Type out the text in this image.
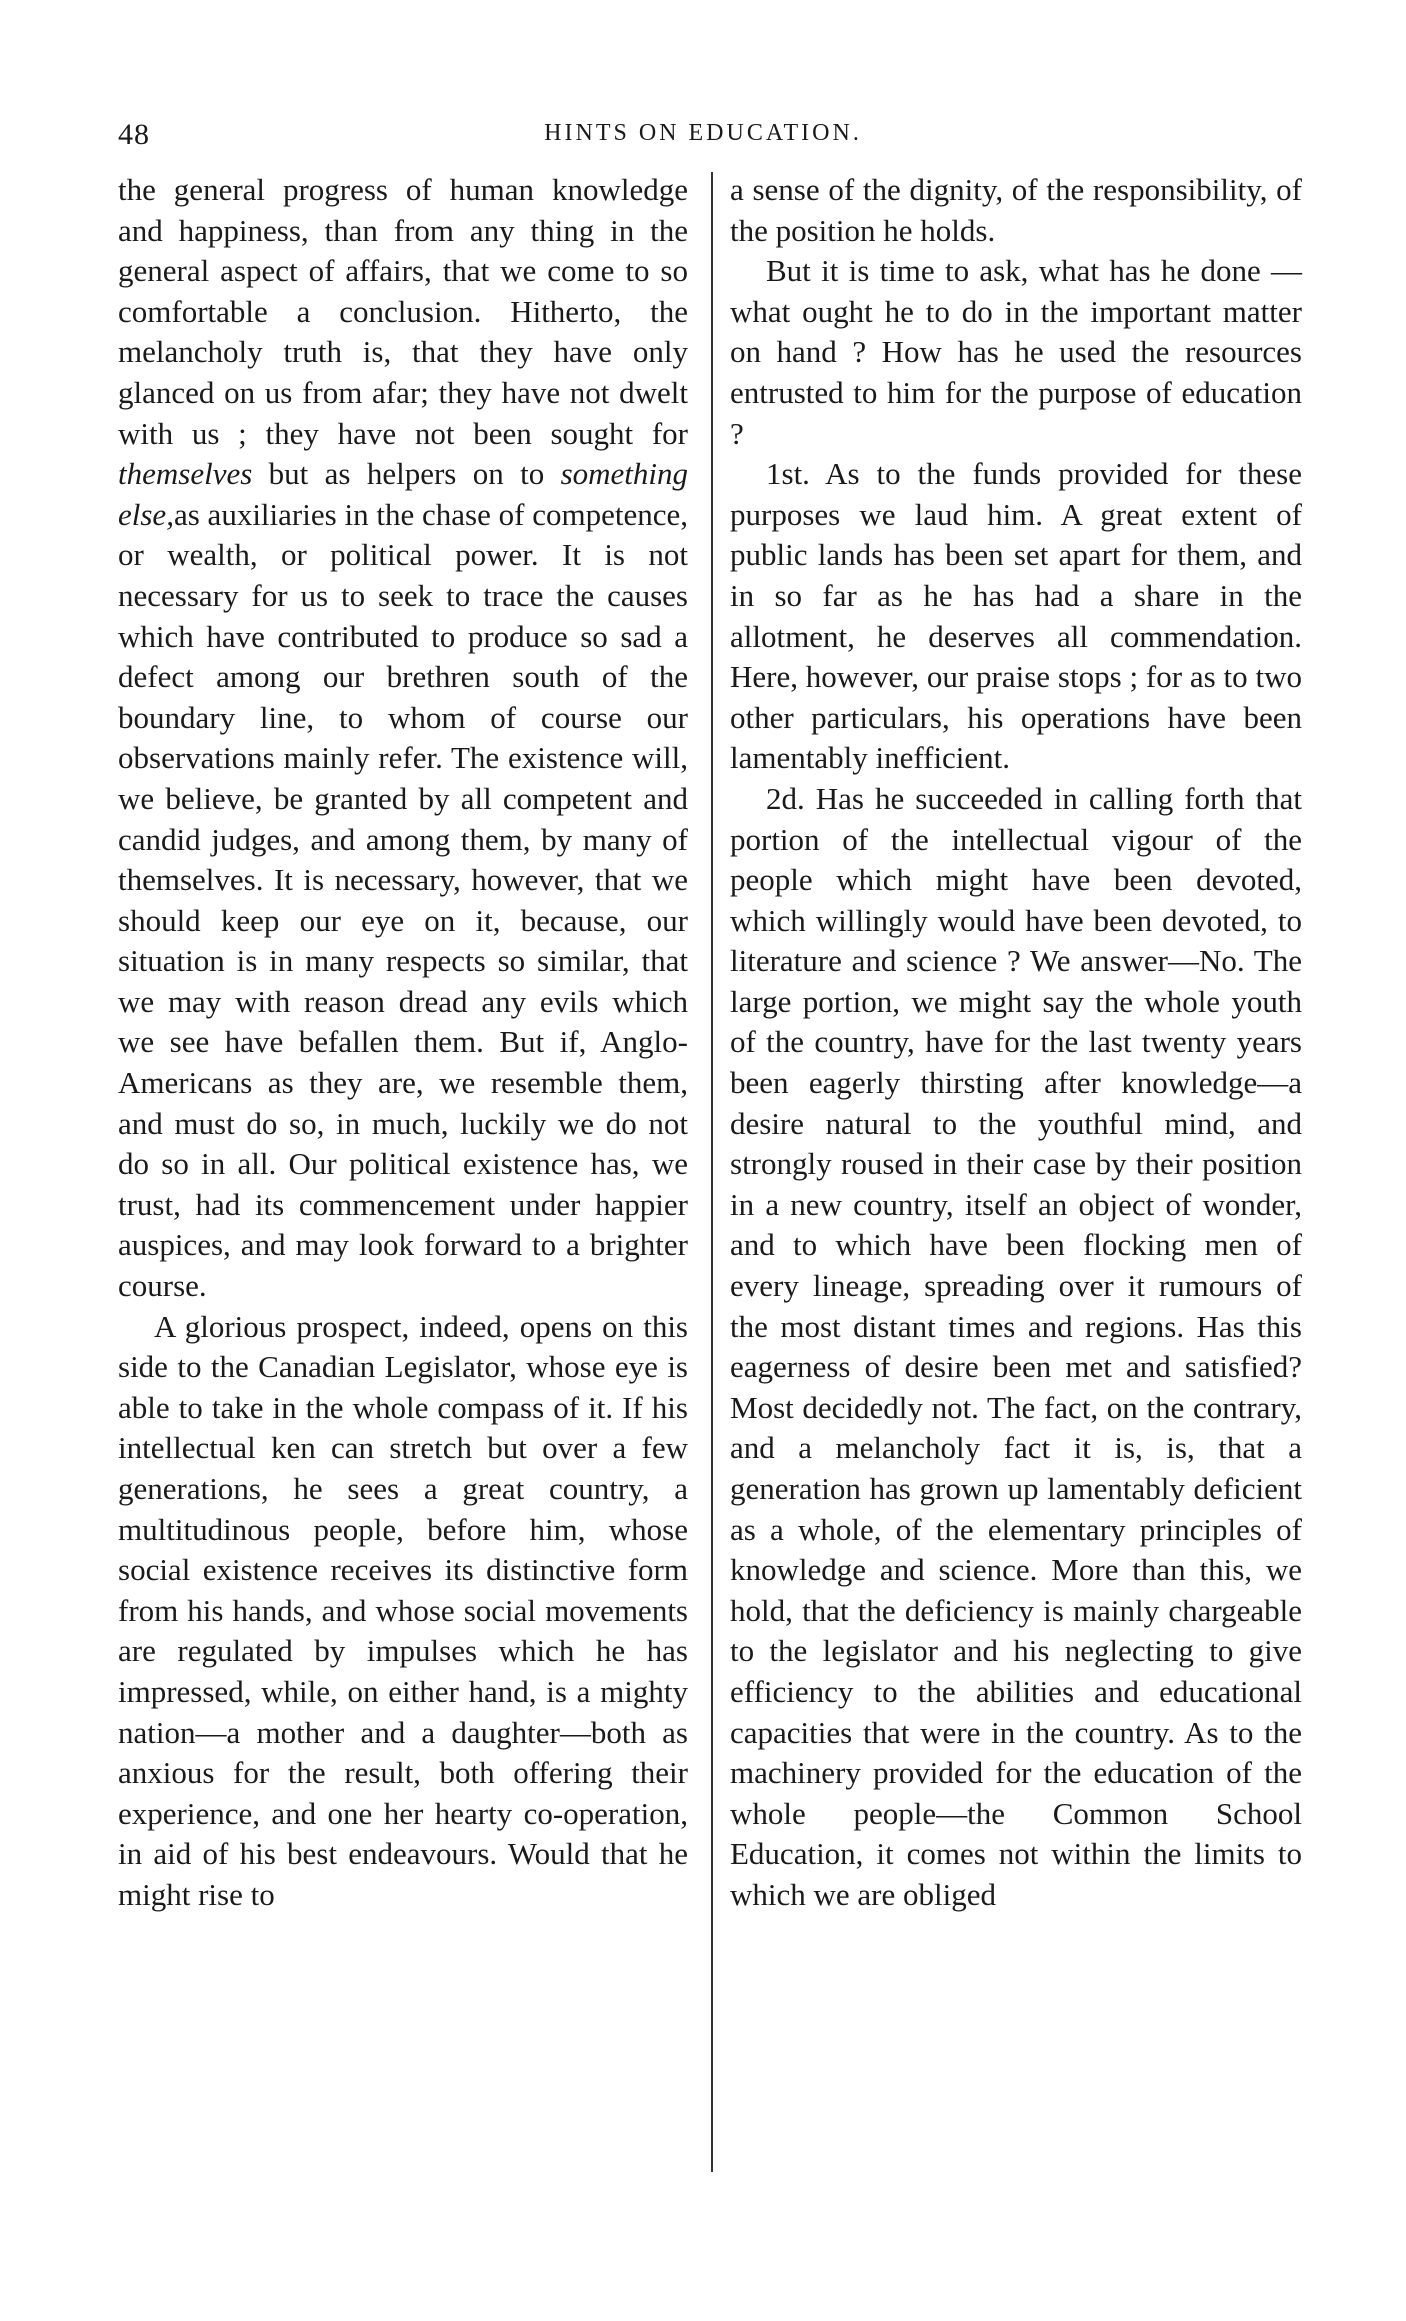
48	HINTS ON EDUCATION.

the general progress of human knowledge and happiness, than from any thing in the general aspect of affairs, that we come to so comfortable a conclusion. Hitherto, the melancholy truth is, that they have only glanced on us from afar; they have not dwelt with us ; they have not been sought for themselves but as helpers on to something else,as auxiliaries in the chase of competence, or wealth, or political power. It is not necessary for us to seek to trace the causes which have contributed to produce so sad a defect among our brethren south of the boundary line, to whom of course our observations mainly refer. The existence will, we believe, be granted by all competent and candid judges, and among them, by many of themselves. It is necessary, however, that we should keep our eye on it, because, our situation is in many respects so similar, that we may with reason dread any evils which we see have befallen them. But if, Anglo-Americans as they are, we resemble them, and must do so, in much, luckily we do not do so in all. Our political existence has, we trust, had its commencement under happier auspices, and may look forward to a brighter course.

A glorious prospect, indeed, opens on this side to the Canadian Legislator, whose eye is able to take in the whole compass of it. If his intellectual ken can stretch but over a few generations, he sees a great country, a multitudinous people, before him, whose social existence receives its distinctive form from his hands, and whose social movements are regulated by impulses which he has impressed, while, on either hand, is a mighty nation—a mother and a daughter—both as anxious for the result, both offering their experience, and one her hearty co-operation, in aid of his best endeavours. Would that he might rise to

a sense of the dignity, of the responsibility, of the position he holds.

But it is time to ask, what has he done —what ought he to do in the important matter on hand ? How has he used the resources entrusted to him for the purpose of education ?

1st. As to the funds provided for these purposes we laud him. A great extent of public lands has been set apart for them, and in so far as he has had a share in the allotment, he deserves all commendation. Here, however, our praise stops ; for as to two other particulars, his operations have been lamentably inefficient.

2d. Has he succeeded in calling forth that portion of the intellectual vigour of the people which might have been devoted, which willingly would have been devoted, to literature and science ? We answer—No. The large portion, we might say the whole youth of the country, have for the last twenty years been eagerly thirsting after knowledge—a desire natural to the youthful mind, and strongly roused in their case by their position in a new country, itself an object of wonder, and to which have been flocking men of every lineage, spreading over it rumours of the most distant times and regions. Has this eagerness of desire been met and satisfied? Most decidedly not. The fact, on the contrary, and a melancholy fact it is, is, that a generation has grown up lamentably deficient as a whole, of the elementary principles of knowledge and science. More than this, we hold, that the deficiency is mainly chargeable to the legislator and his neglecting to give efficiency to the abilities and educational capacities that were in the country. As to the machinery provided for the education of the whole people—the Common School Education, it comes not within the limits to which we are obliged
